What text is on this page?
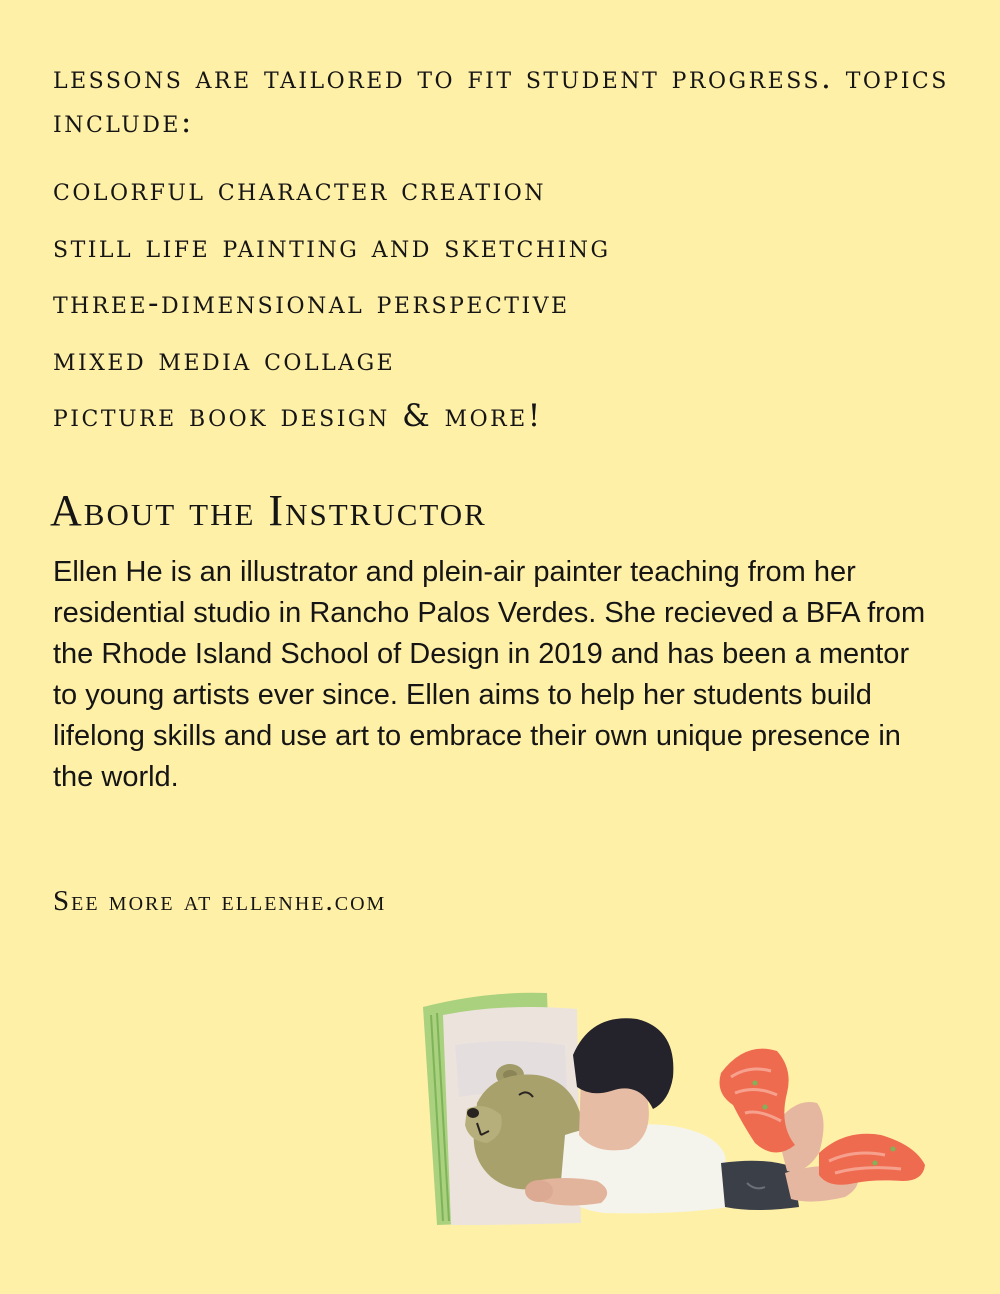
lessons are tailored to fit student progress. topics include:

colorful character creation
still life painting and sketching
three-dimensional perspective
mixed media collage
picture book design & more!
About the Instructor

Ellen He is an illustrator and plein-air painter teaching from her residential studio in Rancho Palos Verdes. She recieved a BFA from the Rhode Island School of Design in 2019 and has been a mentor to young artists ever since. Ellen aims to help her students build lifelong skills and use art to embrace their own unique presence in the world.

See more at ellenhe.com
